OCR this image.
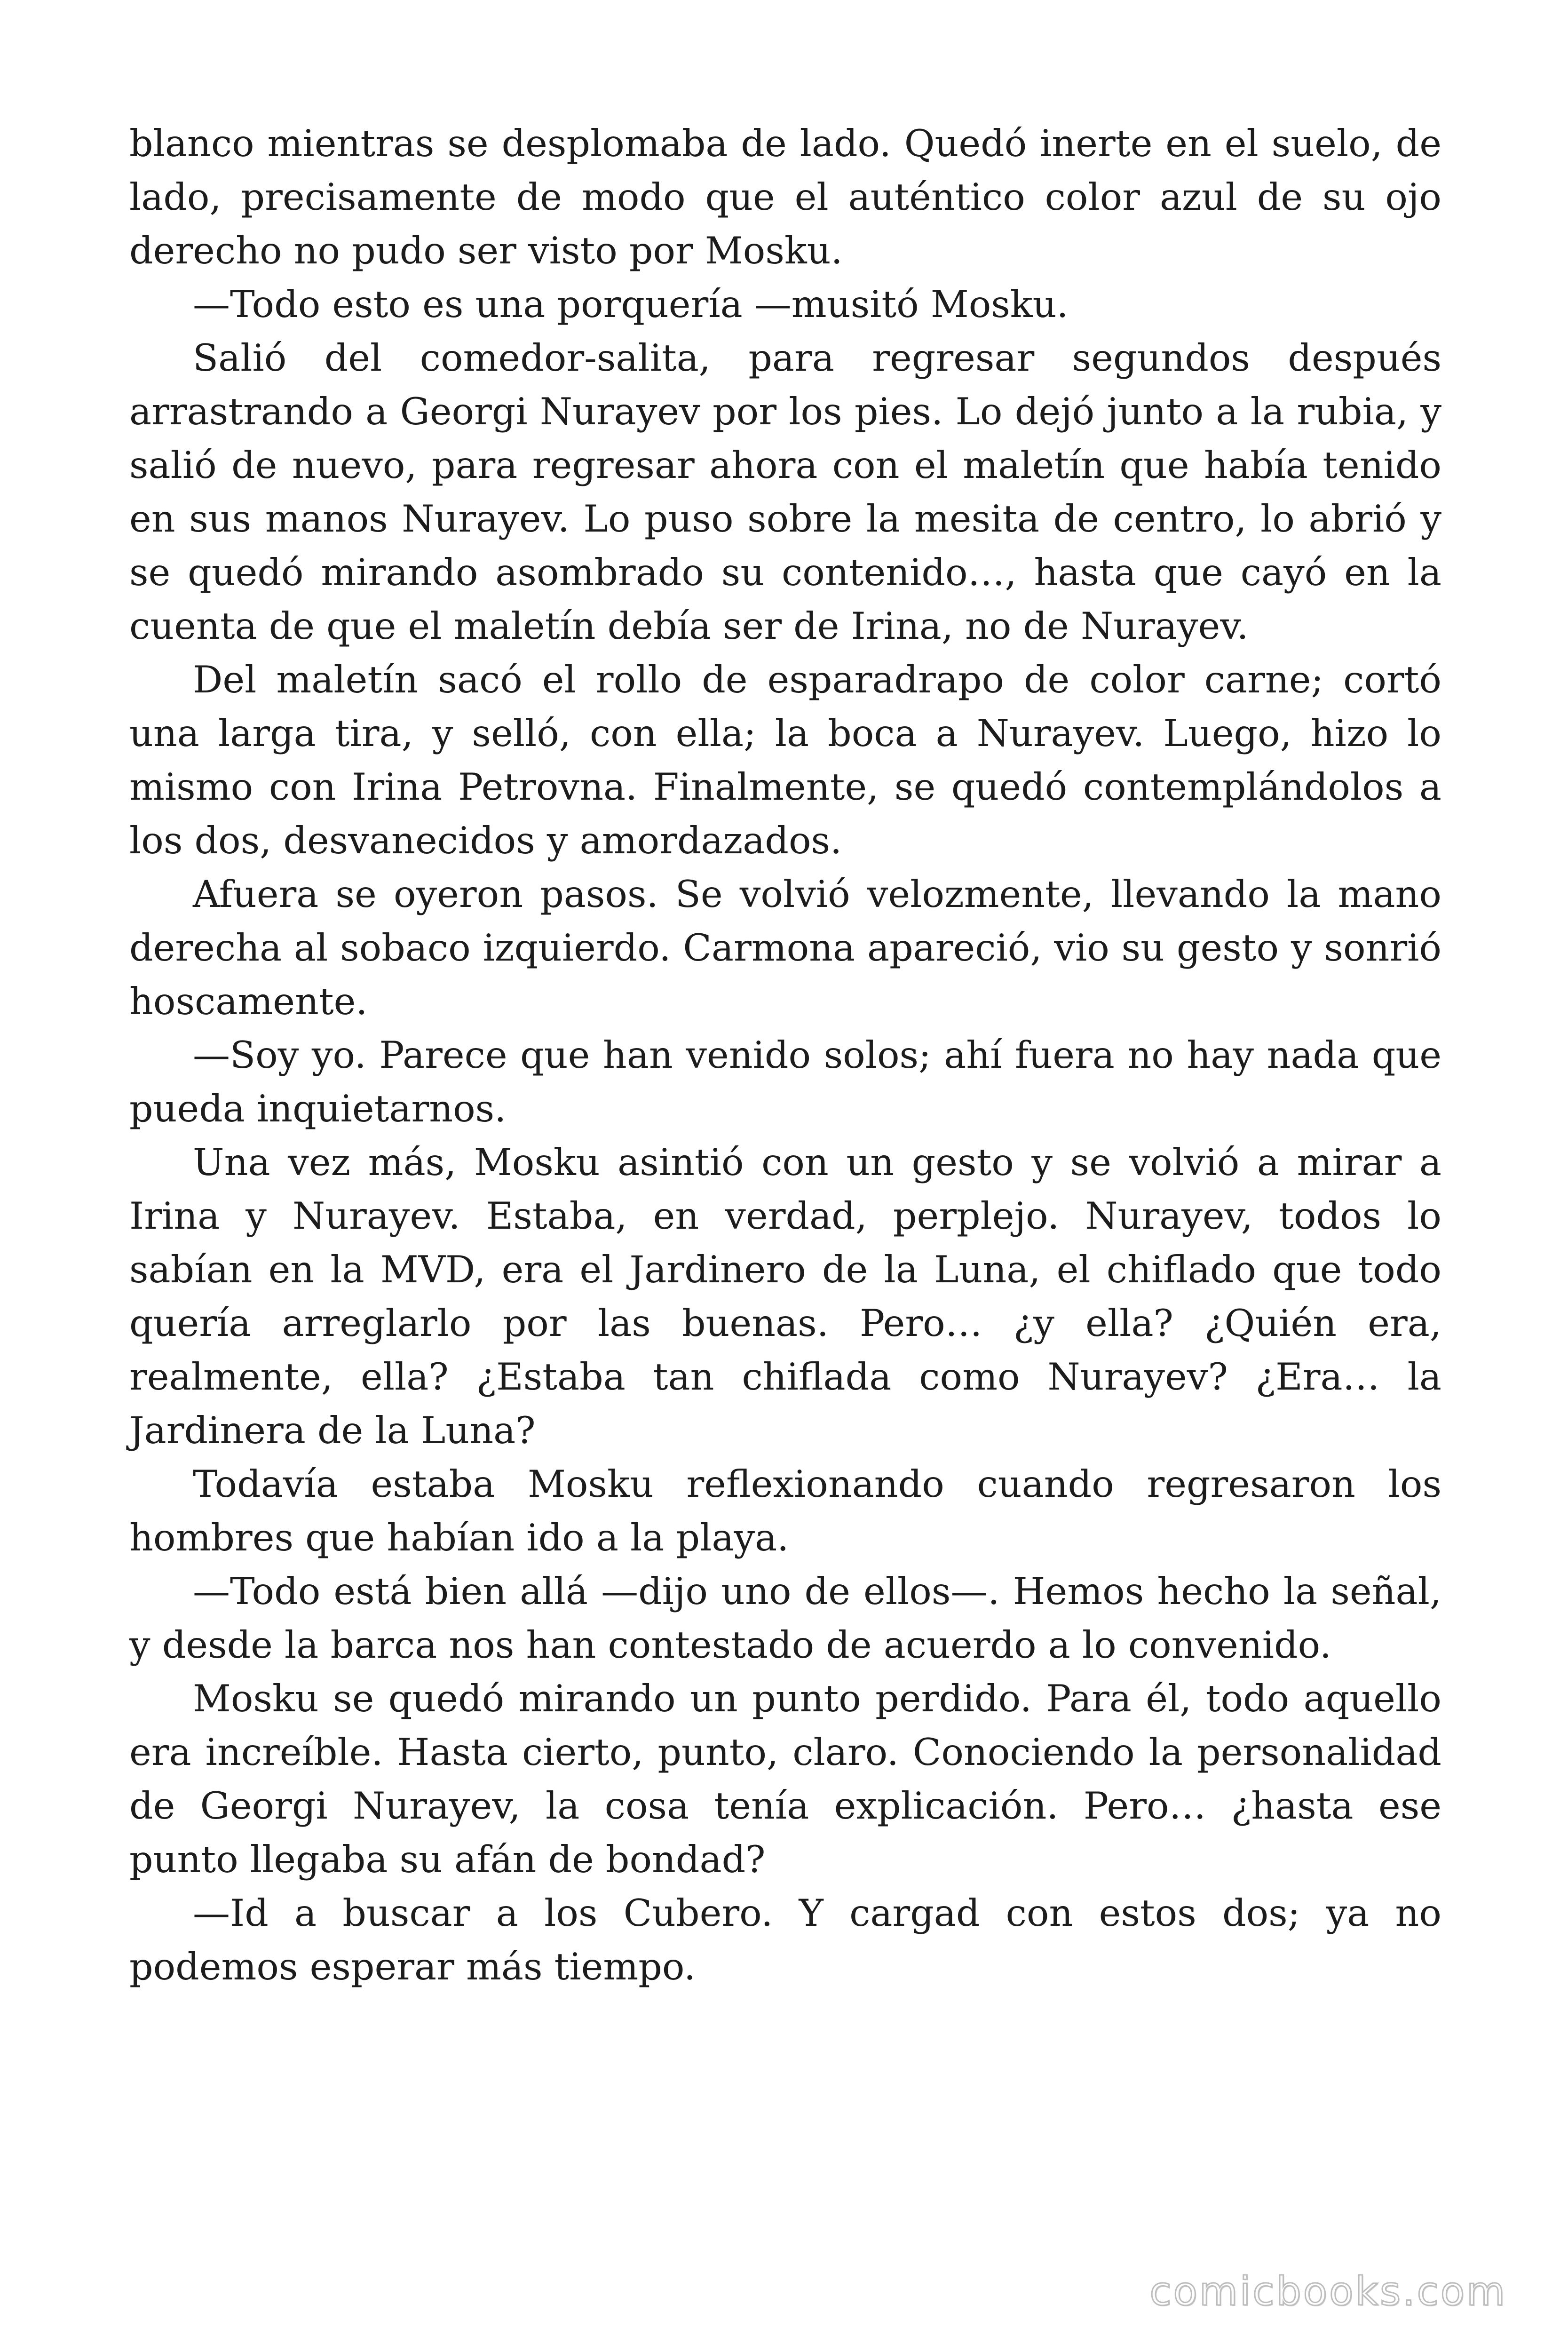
blanco mientras se desplomaba de lado. Quedó inerte en el suelo, de lado, precisamente de modo que el auténtico color azul de su ojo derecho no pudo ser visto por Mosku.

—Todo esto es una porquería —musitó Mosku.

Salió del comedor-salita, para regresar segundos después arrastrando a Georgi Nurayev por los pies. Lo dejó junto a la rubia, y salió de nuevo, para regresar ahora con el maletín que había tenido en sus manos Nurayev. Lo puso sobre la mesita de centro, lo abrió y se quedó mirando asombrado su contenido…, hasta que cayó en la cuenta de que el maletín debía ser de Irina, no de Nurayev.

Del maletín sacó el rollo de esparadrapo de color carne; cortó una larga tira, y selló, con ella; la boca a Nurayev. Luego, hizo lo mismo con Irina Petrovna. Finalmente, se quedó contemplándolos a los dos, desvanecidos y amordazados.

Afuera se oyeron pasos. Se volvió velozmente, llevando la mano derecha al sobaco izquierdo. Carmona apareció, vio su gesto y sonrió hoscamente.

—Soy yo. Parece que han venido solos; ahí fuera no hay nada que pueda inquietarnos.

Una vez más, Mosku asintió con un gesto y se volvió a mirar a Irina y Nurayev. Estaba, en verdad, perplejo. Nurayev, todos lo sabían en la MVD, era el Jardinero de la Luna, el chiflado que todo quería arreglarlo por las buenas. Pero… ¿y ella? ¿Quién era, realmente, ella? ¿Estaba tan chiflada como Nurayev? ¿Era… la Jardinera de la Luna?

Todavía estaba Mosku reflexionando cuando regresaron los hombres que habían ido a la playa.

—Todo está bien allá —dijo uno de ellos—. Hemos hecho la señal, y desde la barca nos han contestado de acuerdo a lo convenido.

Mosku se quedó mirando un punto perdido. Para él, todo aquello era increíble. Hasta cierto, punto, claro. Conociendo la personalidad de Georgi Nurayev, la cosa tenía explicación. Pero… ¿hasta ese punto llegaba su afán de bondad?

—Id a buscar a los Cubero. Y cargad con estos dos; ya no podemos esperar más tiempo.

comicbooks.com
